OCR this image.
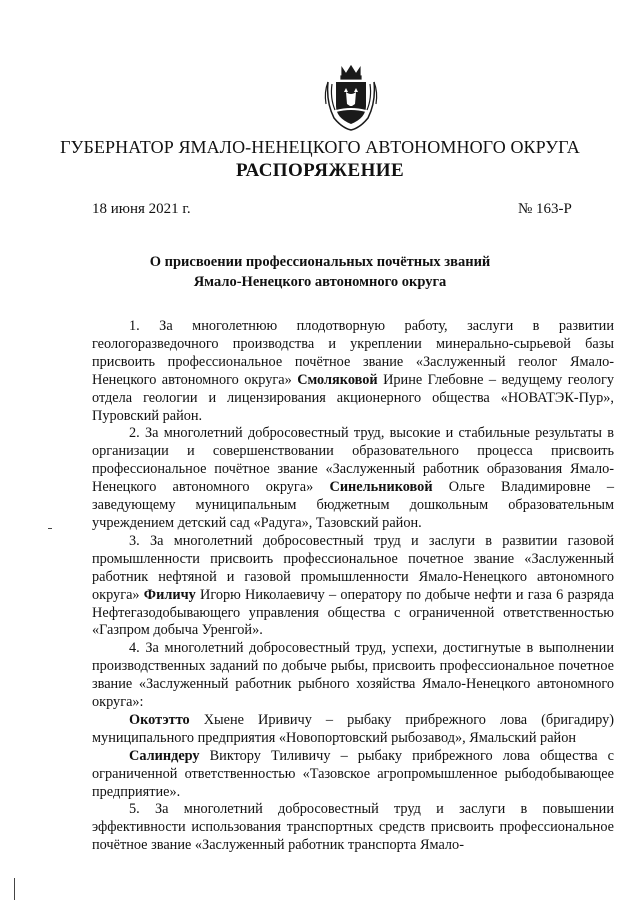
ГУБЕРНАТОР ЯМАЛО-НЕНЕЦКОГО АВТОНОМНОГО ОКРУГА
РАСПОРЯЖЕНИЕ
18 июня 2021 г.	№ 163-Р
О присвоении профессиональных почётных званий
Ямало-Ненецкого автономного округа

1. За многолетнюю плодотворную работу, заслуги в развитии геологоразведочного производства и укреплении минерально-сырьевой базы присвоить профессиональное почётное звание «Заслуженный геолог Ямало-Ненецкого автономного округа» Смоляковой Ирине Глебовне – ведущему геологу отдела геологии и лицензирования акционерного общества «НОВАТЭК-Пур», Пуровский район.

2. За многолетний добросовестный труд, высокие и стабильные результаты в организации и совершенствовании образовательного процесса присвоить профессиональное почётное звание «Заслуженный работник образования Ямало-Ненецкого автономного округа» Синельниковой Ольге Владимировне – заведующему муниципальным бюджетным дошкольным образовательным учреждением детский сад «Радуга», Тазовский район.

3. За многолетний добросовестный труд и заслуги в развитии газовой промышленности присвоить профессиональное почетное звание «Заслуженный работник нефтяной и газовой промышленности Ямало-Ненецкого автономного округа» Филичу Игорю Николаевичу – оператору по добыче нефти и газа 6 разряда Нефтегазодобывающего управления общества с ограниченной ответственностью «Газпром добыча Уренгой».

4. За многолетний добросовестный труд, успехи, достигнутые в выполнении производственных заданий по добыче рыбы, присвоить профессиональное почетное звание «Заслуженный работник рыбного хозяйства Ямало-Ненецкого автономного округа»:

Окотэтто Хыене Иривичу – рыбаку прибрежного лова (бригадиру) муниципального предприятия «Новопортовский рыбозавод», Ямальский район

Салиндеру Виктору Тиливичу – рыбаку прибрежного лова общества с ограниченной ответственностью «Тазовское агропромышленное рыбодобывающее предприятие».

5. За многолетний добросовестный труд и заслуги в повышении эффективности использования транспортных средств присвоить профессиональное почётное звание «Заслуженный работник транспорта Ямало-
